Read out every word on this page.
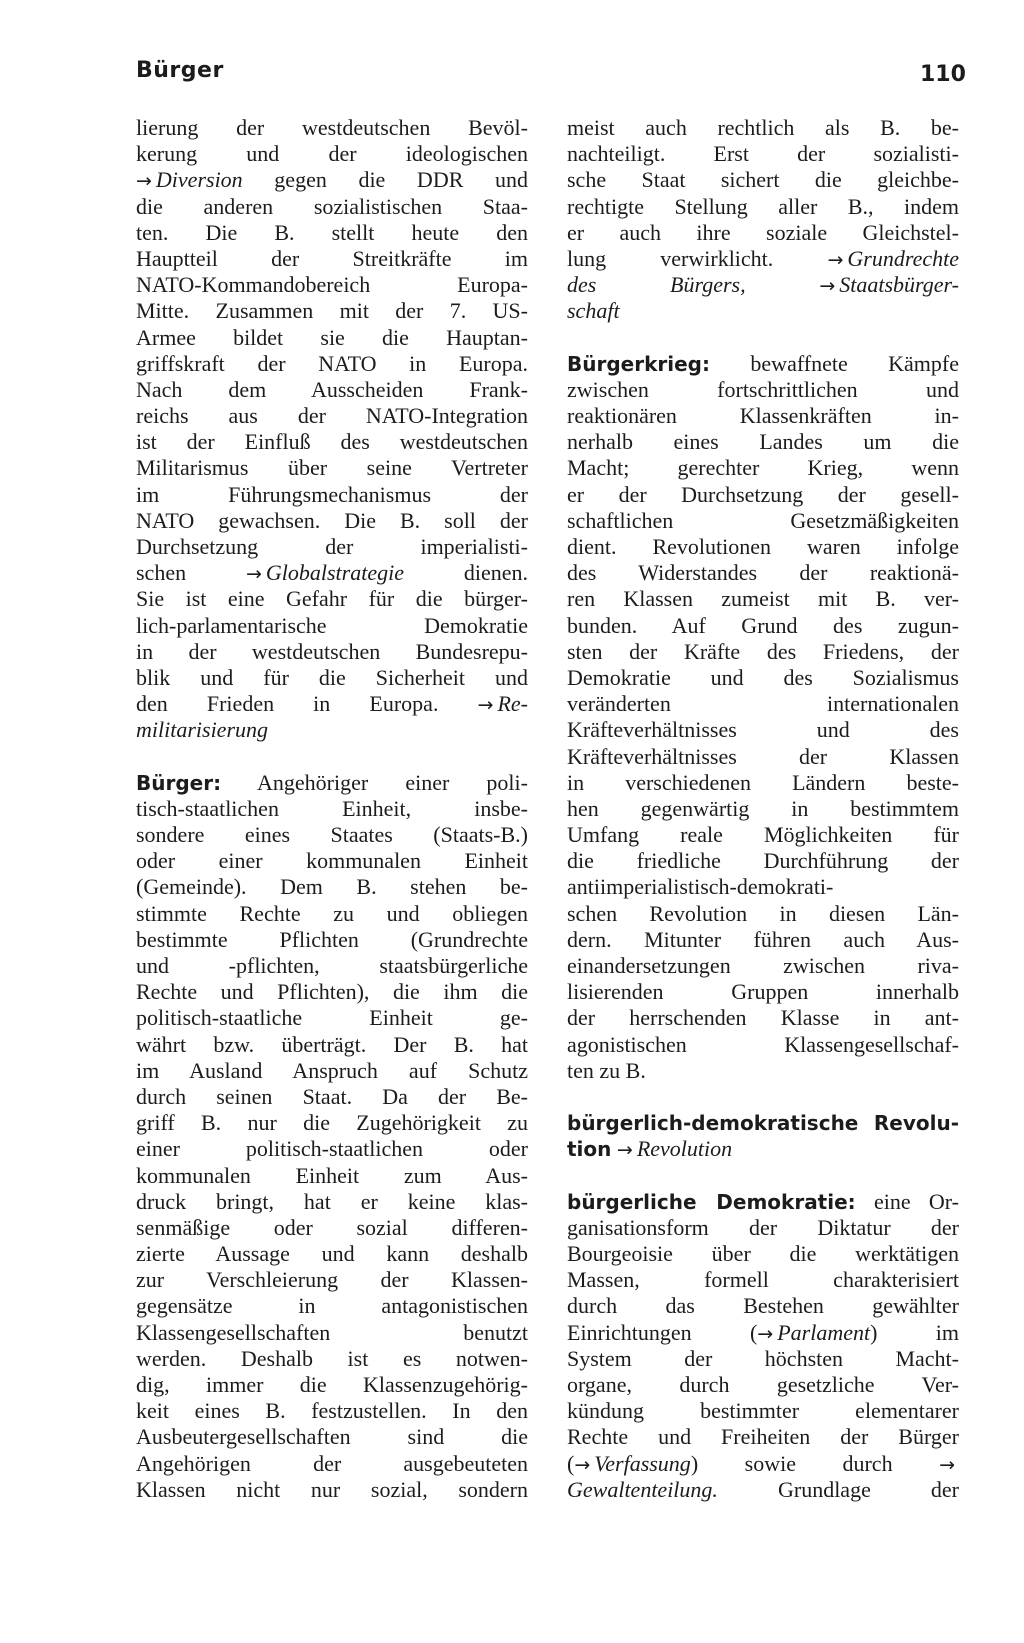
Bürger	110
lierung der westdeutschen Bevöl-
kerung und der ideologischen
→ Diversion gegen die DDR und
die anderen sozialistischen Staa-
ten. Die B. stellt heute den
Hauptteil der Streitkräfte im
NATO-Kommandobereich Europa-
Mitte. Zusammen mit der 7. US-
Armee bildet sie die Hauptan-
griffskraft der NATO in Europa.
Nach dem Ausscheiden Frank-
reichs aus der NATO-Integration
ist der Einfluß des westdeutschen
Militarismus über seine Vertreter
im Führungsmechanismus der
NATO gewachsen. Die B. soll der
Durchsetzung der imperialisti-
schen → Globalstrategie dienen.
Sie ist eine Gefahr für die bürger-
lich-parlamentarische Demokratie
in der westdeutschen Bundesrepu-
blik und für die Sicherheit und
den Frieden in Europa. → Re-
militarisierung
Bürger: Angehöriger einer poli-
tisch-staatlichen Einheit, insbe-
sondere eines Staates (Staats-B.)
oder einer kommunalen Einheit
(Gemeinde). Dem B. stehen be-
stimmte Rechte zu und obliegen
bestimmte Pflichten (Grundrechte
und -pflichten, staatsbürgerliche
Rechte und Pflichten), die ihm die
politisch-staatliche Einheit ge-
währt bzw. überträgt. Der B. hat
im Ausland Anspruch auf Schutz
durch seinen Staat. Da der Be-
griff B. nur die Zugehörigkeit zu
einer politisch-staatlichen oder
kommunalen Einheit zum Aus-
druck bringt, hat er keine klas-
senmäßige oder sozial differen-
zierte Aussage und kann deshalb
zur Verschleierung der Klassen-
gegensätze in antagonistischen
Klassengesellschaften benutzt
werden. Deshalb ist es notwen-
dig, immer die Klassenzugehörig-
keit eines B. festzustellen. In den
Ausbeutergesellschaften sind die
Angehörigen der ausgebeuteten
Klassen nicht nur sozial, sondern
meist auch rechtlich als B. be-
nachteiligt. Erst der sozialisti-
sche Staat sichert die gleichbe-
rechtigte Stellung aller B., indem
er auch ihre soziale Gleichstel-
lung verwirklicht. → Grundrechte
des Bürgers, → Staatsbürger-
schaft
Bürgerkrieg: bewaffnete Kämpfe
zwischen fortschrittlichen und
reaktionären Klassenkräften in-
nerhalb eines Landes um die
Macht; gerechter Krieg, wenn
er der Durchsetzung der gesell-
schaftlichen Gesetzmäßigkeiten
dient. Revolutionen waren infolge
des Widerstandes der reaktionä-
ren Klassen zumeist mit B. ver-
bunden. Auf Grund des zugun-
sten der Kräfte des Friedens, der
Demokratie und des Sozialismus
veränderten internationalen
Kräfteverhältnisses und des
Kräfteverhältnisses der Klassen
in verschiedenen Ländern beste-
hen gegenwärtig in bestimmtem
Umfang reale Möglichkeiten für
die friedliche Durchführung der
antiimperialistisch-demokrati-
schen Revolution in diesen Län-
dern. Mitunter führen auch Aus-
einandersetzungen zwischen riva-
lisierenden Gruppen innerhalb
der herrschenden Klasse in ant-
agonistischen Klassengesellschaf-
ten zu B.
bürgerlich-demokratische Revolu-
tion → Revolution
bürgerliche Demokratie: eine Or-
ganisationsform der Diktatur der
Bourgeoisie über die werktätigen
Massen, formell charakterisiert
durch das Bestehen gewählter
Einrichtungen (→ Parlament) im
System der höchsten Macht-
organe, durch gesetzliche Ver-
kündung bestimmter elementarer
Rechte und Freiheiten der Bürger
(→ Verfassung) sowie durch →
Gewaltenteilung. Grundlage der
